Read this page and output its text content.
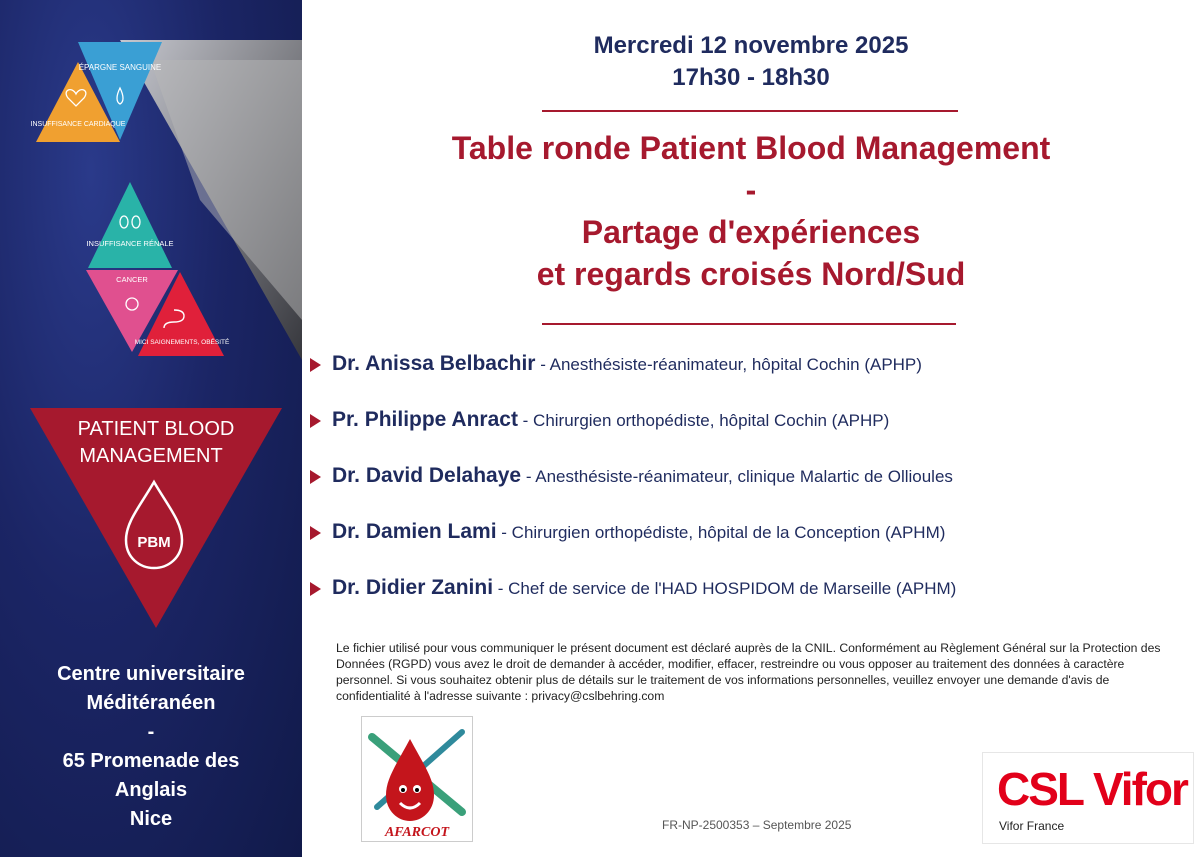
ÉPARGNE SANGUINE
INSUFFISANCE CARDIAQUE
INSUFFISANCE RÉNALE
CANCER
MICI SAIGNEMENTS, OBÉSITÉ
PATIENT BLOOD
MANAGEMENT
PBM
Centre universitaire
Méditéranéen
-
65 Promenade des
Anglais
Nice
Mercredi 12 novembre 2025
17h30 - 18h30
Table ronde Patient Blood Management
-
Partage d'expériences
et regards croisés Nord/Sud
Dr. Anissa Belbachir - Anesthésiste-réanimateur, hôpital Cochin (APHP)
Pr. Philippe Anract - Chirurgien orthopédiste, hôpital Cochin (APHP)
Dr. David Delahaye - Anesthésiste-réanimateur, clinique Malartic de Ollioules
Dr. Damien Lami - Chirurgien orthopédiste, hôpital de la Conception (APHM)
Dr. Didier Zanini - Chef de service de l'HAD HOSPIDOM de Marseille (APHM)
Le fichier utilisé pour vous communiquer le présent document est déclaré auprès de la CNIL. Conformément au Règlement Général sur la Protection des Données (RGPD) vous avez le droit de demander à accéder, modifier, effacer, restreindre ou vous opposer au traitement des données à caractère personnel. Si vous souhaitez obtenir plus de détails sur le traitement de vos informations personnelles, veuillez envoyer une demande d'avis de confidentialité à l'adresse suivante : privacy@cslbehring.com
AFARCOT	FR-NP-2500353 – Septembre 2025
CSL Vifor
Vifor France
